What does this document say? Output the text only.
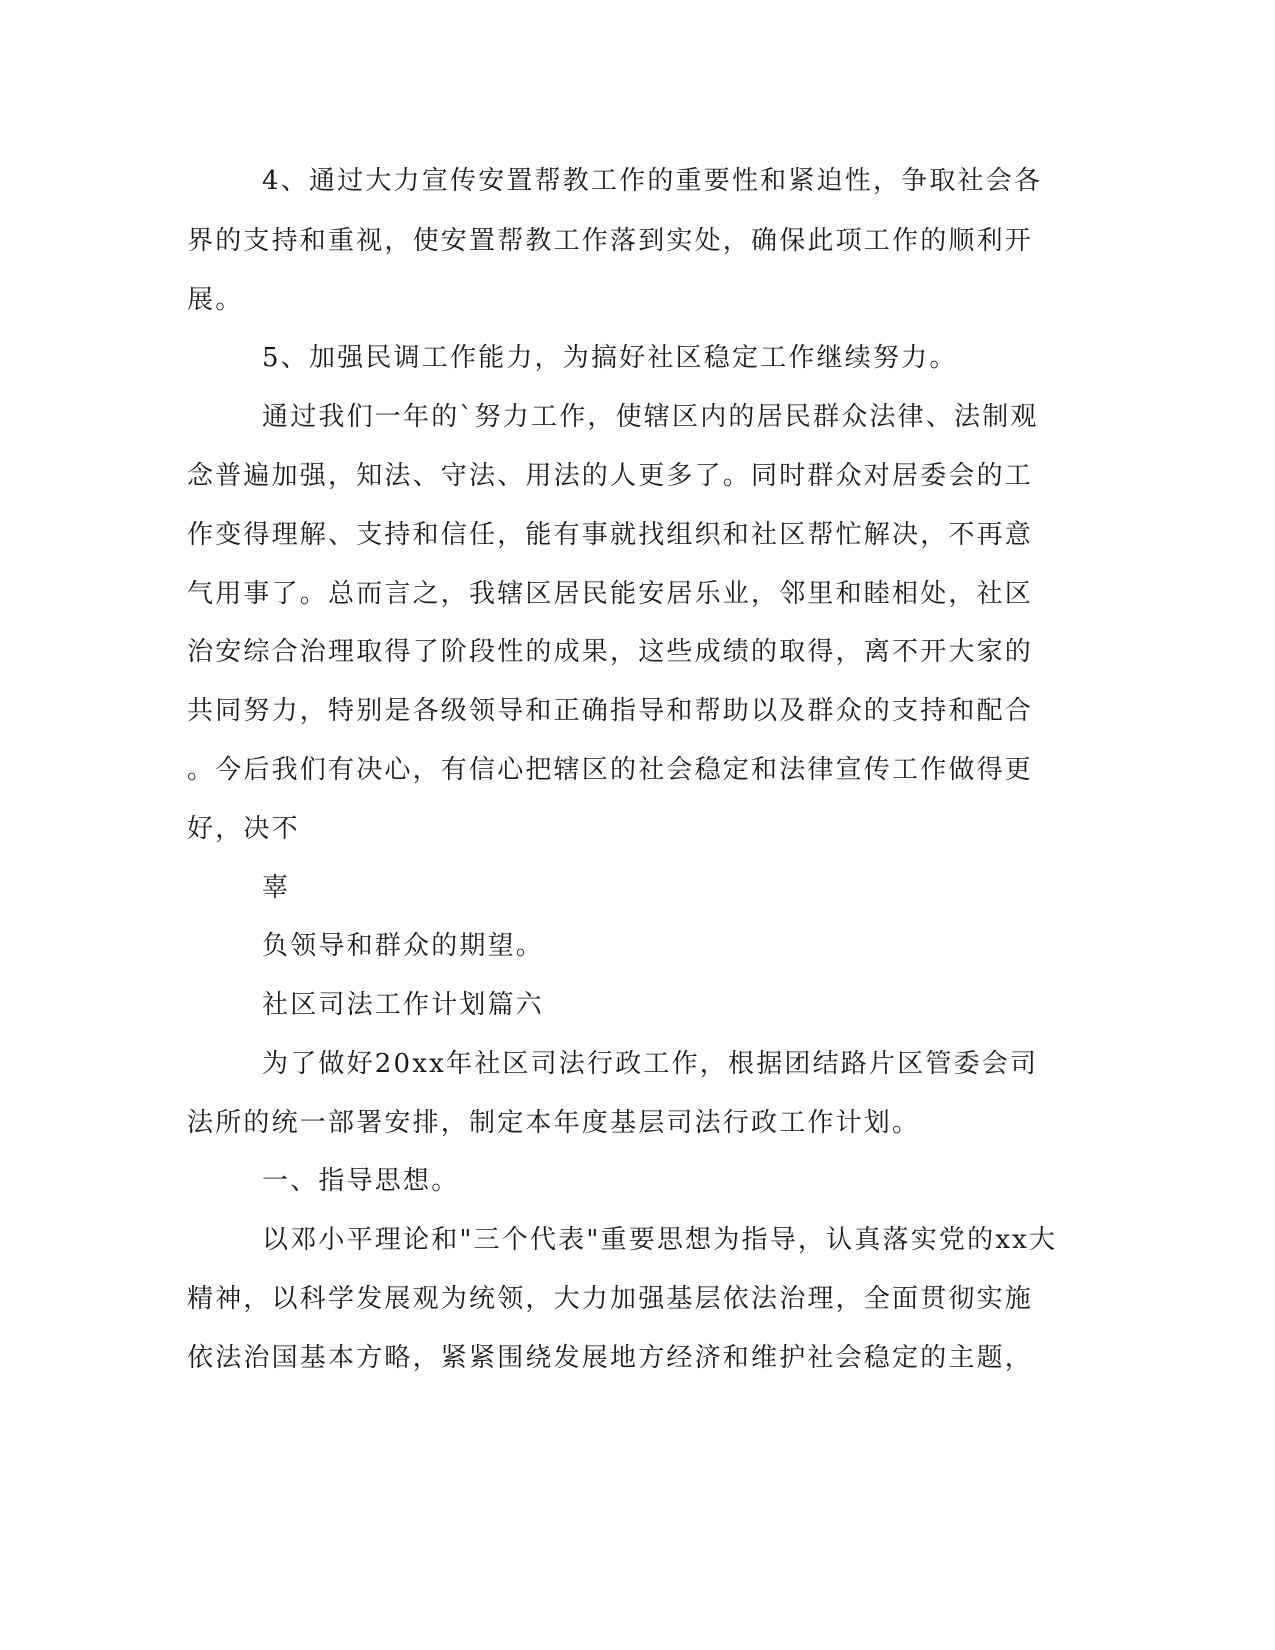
4、通过大力宣传安置帮教工作的重要性和紧迫性，争取社会各
界的支持和重视，使安置帮教工作落到实处，确保此项工作的顺利开
展。
5、加强民调工作能力，为搞好社区稳定工作继续努力。
通过我们一年的`努力工作，使辖区内的居民群众法律、法制观
念普遍加强，知法、守法、用法的人更多了。同时群众对居委会的工
作变得理解、支持和信任，能有事就找组织和社区帮忙解决，不再意
气用事了。总而言之，我辖区居民能安居乐业，邻里和睦相处，社区
治安综合治理取得了阶段性的成果，这些成绩的取得，离不开大家的
共同努力，特别是各级领导和正确指导和帮助以及群众的支持和配合
。今后我们有决心，有信心把辖区的社会稳定和法律宣传工作做得更
好，决不
辜
负领导和群众的期望。
社区司法工作计划篇六
为了做好20xx年社区司法行政工作，根据团结路片区管委会司
法所的统一部署安排，制定本年度基层司法行政工作计划。
一、指导思想。
以邓小平理论和"三个代表"重要思想为指导，认真落实党的xx大
精神，以科学发展观为统领，大力加强基层依法治理，全面贯彻实施
依法治国基本方略，紧紧围绕发展地方经济和维护社会稳定的主题，
